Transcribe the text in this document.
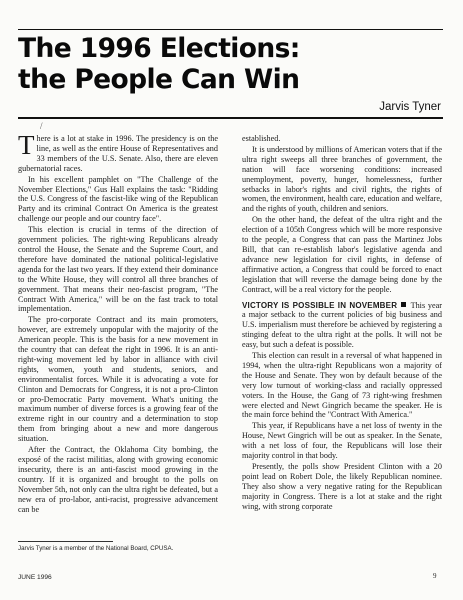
The 1996 Elections:
the People Can Win
Jarvis Tyner
/

There is a lot at stake in 1996. The presidency is on the line, as well as the entire House of Representatives and 33 members of the U.S. Senate. Also, there are eleven gubernatorial races.

In his excellent pamphlet on "The Challenge of the November Elections," Gus Hall explains the task: "Ridding the U.S. Congress of the fascist-like wing of the Republican Party and its criminal Contract On America is the greatest challenge our people and our country face".

This election is crucial in terms of the direction of government policies. The right-wing Republicans already control the House, the Senate and the Supreme Court, and therefore have dominated the national political-legislative agenda for the last two years. If they extend their dominance to the White House, they will control all three branches of government. That means their neo-fascist program, "The Contract With America," will be on the fast track to total implementation.

The pro-corporate Contract and its main promoters, however, are extremely unpopular with the majority of the American people. This is the basis for a new movement in the country that can defeat the right in 1996. It is an anti-right-wing movement led by labor in alliance with civil rights, women, youth and students, seniors, and environmentalist forces. While it is advocating a vote for Clinton and Democrats for Congress, it is not a pro-Clinton or pro-Democratic Party movement. What's uniting the maximum number of diverse forces is a growing fear of the extreme right in our country and a determination to stop them from bringing about a new and more dangerous situation.

After the Contract, the Oklahoma City bombing, the exposé of the racist militias, along with growing economic insecurity, there is an anti-fascist mood growing in the country. If it is organized and brought to the polls on November 5th, not only can the ultra right be defeated, but a new era of pro-labor, anti-racist, progressive advancement can be

established.

It is understood by millions of American voters that if the ultra right sweeps all three branches of government, the nation will face worsening conditions: increased unemployment, poverty, hunger, homelessness, further setbacks in labor's rights and civil rights, the rights of women, the environment, health care, education and welfare, and the rights of youth, children and seniors.

On the other hand, the defeat of the ultra right and the election of a 105th Congress which will be more responsive to the people, a Congress that can pass the Martinez Jobs Bill, that can re-establish labor's legislative agenda and advance new legislation for civil rights, in defense of affirmative action, a Congress that could be forced to enact legislation that will reverse the damage being done by the Contract, will be a real victory for the people.

VICTORY IS POSSIBLE IN NOVEMBER This year a major setback to the current policies of big business and U.S. imperialism must therefore be achieved by registering a stinging defeat to the ultra right at the polls. It will not be easy, but such a defeat is possible.

This election can result in a reversal of what happened in 1994, when the ultra-right Republicans won a majority of the House and Senate. They won by default because of the very low turnout of working-class and racially oppressed voters. In the House, the Gang of 73 right-wing freshmen were elected and Newt Gingrich became the speaker. He is the main force behind the "Contract With America."

This year, if Republicans have a net loss of twenty in the House, Newt Gingrich will be out as speaker. In the Senate, with a net loss of four, the Republicans will lose their majority control in that body.

Presently, the polls show President Clinton with a 20 point lead on Robert Dole, the likely Republican nominee. They also show a very negative rating for the Republican majority in Congress. There is a lot at stake and the right wing, with strong corporate

Jarvis Tyner is a member of the National Board, CPUSA.
JUNE 1996	9
